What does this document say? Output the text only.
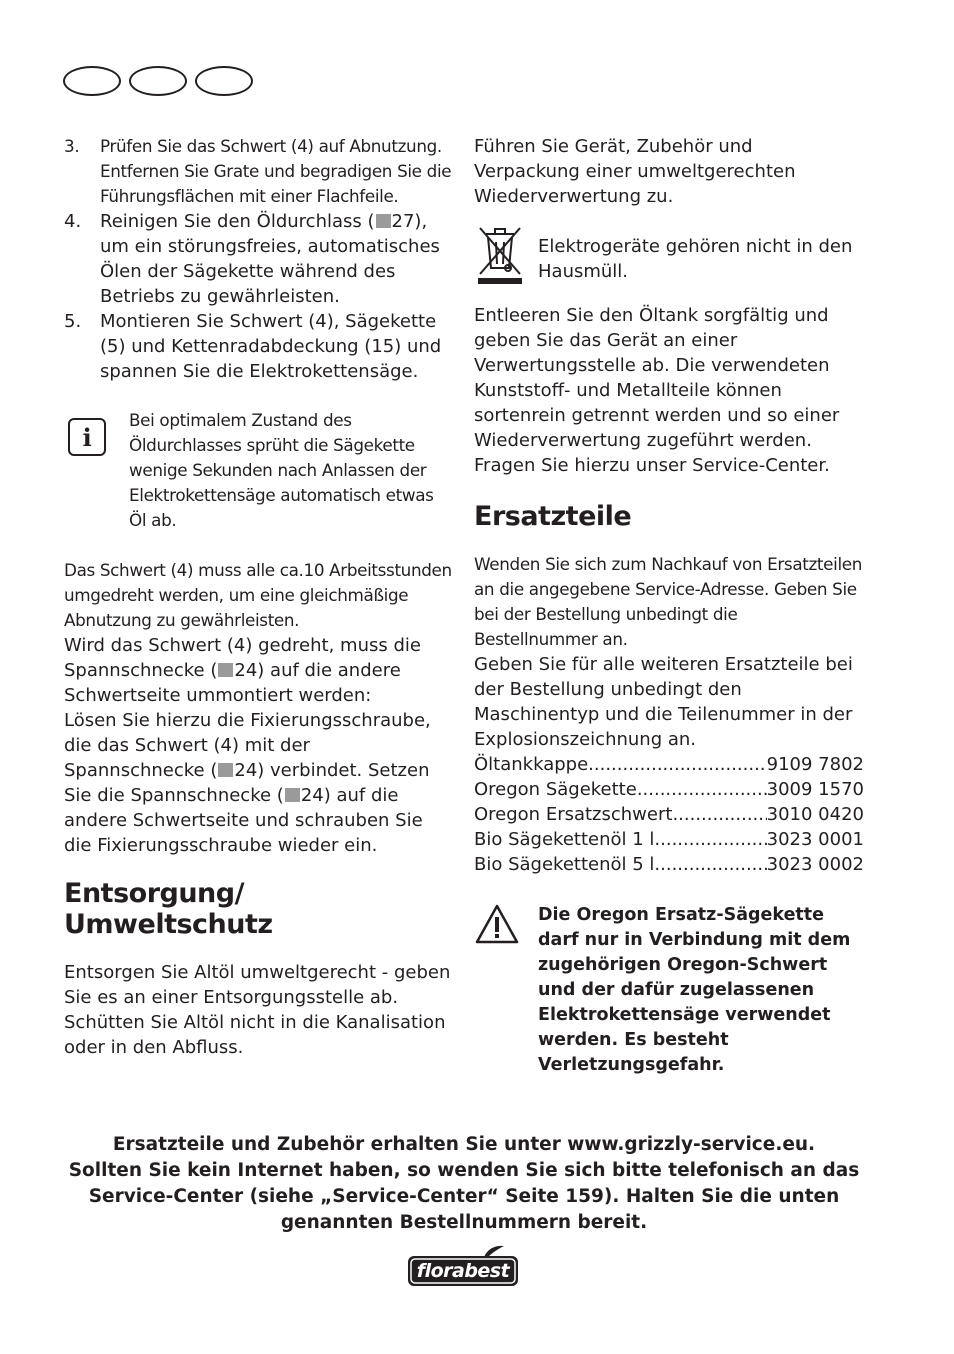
3. Prüfen Sie das Schwert (4) auf Abnutzung. Entfernen Sie Grate und begradigen Sie die Führungsflächen mit einer Flachfeile.
4. Reinigen Sie den Öldurchlass ( 27), um ein störungsfreies, automatisches Ölen der Sägekette während des Betriebs zu gewährleisten.
5. Montieren Sie Schwert (4), Sägekette (5) und Kettenradabdeckung (15) und spannen Sie die Elektrokettensäge.
i

Bei optimalem Zustand des Öldurchlasses sprüht die Sägekette wenige Sekunden nach Anlassen der Elektrokettensäge automatisch etwas Öl ab.

Das Schwert (4) muss alle ca.10 Arbeitsstunden umgedreht werden, um eine gleichmäßige Abnutzung zu gewährleisten.

Wird das Schwert (4) gedreht, muss die Spannschnecke ( 24) auf die andere Schwertseite ummontiert werden:

Lösen Sie hierzu die Fixierungsschraube, die das Schwert (4) mit der Spannschnecke ( 24) verbindet. Setzen Sie die Spannschnecke ( 24) auf die andere Schwertseite und schrauben Sie die Fixierungsschraube wieder ein.

Entsorgung/
Umweltschutz

Entsorgen Sie Altöl umweltgerecht - geben Sie es an einer Entsorgungsstelle ab. Schütten Sie Altöl nicht in die Kanalisation oder in den Abfluss.

Führen Sie Gerät, Zubehör und Verpackung einer umweltgerechten Wiederverwertung zu.

Elektrogeräte gehören nicht in den Hausmüll.

Entleeren Sie den Öltank sorgfältig und geben Sie das Gerät an einer Verwertungsstelle ab. Die verwendeten Kunststoff- und Metallteile können sortenrein getrennt werden und so einer Wiederverwertung zugeführt werden. Fragen Sie hierzu unser Service-Center.

Ersatzteile

Wenden Sie sich zum Nachkauf von Ersatzteilen an die angegebene Service-Adresse. Geben Sie bei der Bestellung unbedingt die Bestellnummer an.

Geben Sie für alle weiteren Ersatzteile bei der Bestellung unbedingt den Maschinentyp und die Teilenummer in der Explosionszeichnung an.

Öltankkappe .....	9109 7802
Oregon Sägekette .....	3009 1570
Oregon Ersatzschwert .....	3010 0420
Bio Sägekettenöl 1 l .....	3023 0001
Bio Sägekettenöl 5 l .....	3023 0002

Die Oregon Ersatz-Sägekette darf nur in Verbindung mit dem zugehörigen Oregon-Schwert und der dafür zugelassenen Elektrokettensäge verwendet werden. Es besteht Verletzungsgefahr.

Ersatzteile und Zubehör erhalten Sie unter www.grizzly-service.eu.

Sollten Sie kein Internet haben, so wenden Sie sich bitte telefonisch an das Service-Center (siehe „Service-Center“ Seite 159). Halten Sie die unten genannten Bestellnummern bereit.

florabest
